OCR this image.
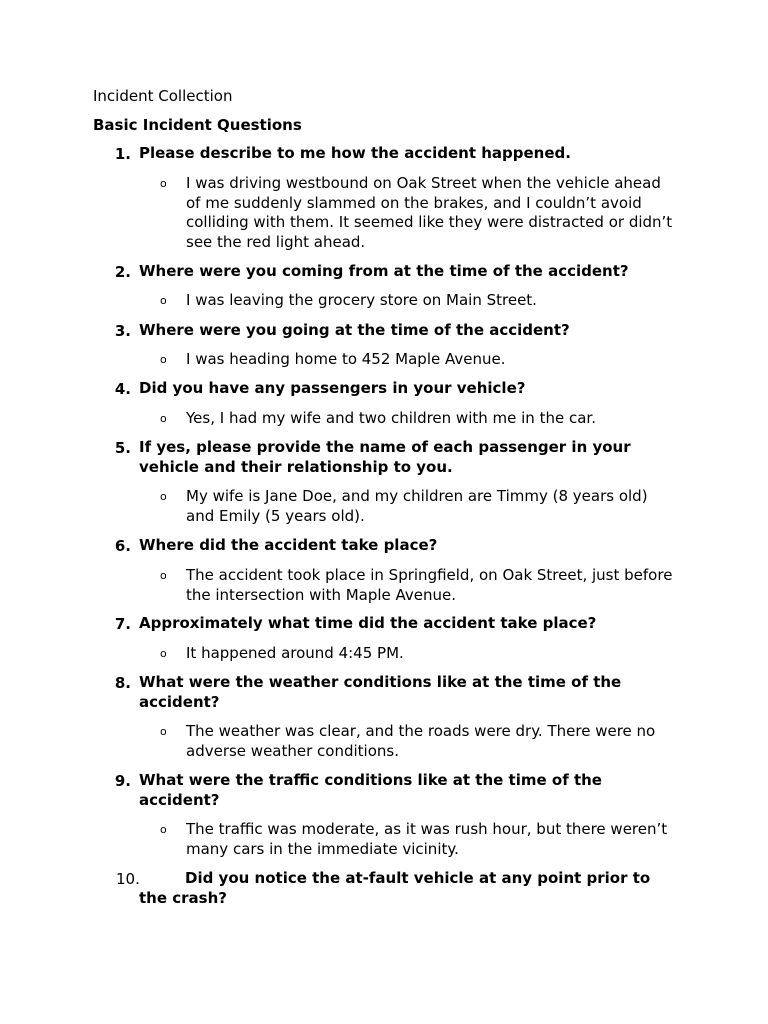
Incident Collection
Basic Incident Questions
1. Please describe to me how the accident happened.
o I was driving westbound on Oak Street when the vehicle ahead of me suddenly slammed on the brakes, and I couldn’t avoid colliding with them. It seemed like they were distracted or didn’t see the red light ahead.
2. Where were you coming from at the time of the accident?
o I was leaving the grocery store on Main Street.
3. Where were you going at the time of the accident?
o I was heading home to 452 Maple Avenue.
4. Did you have any passengers in your vehicle?
o Yes, I had my wife and two children with me in the car.
5. If yes, please provide the name of each passenger in your vehicle and their relationship to you.
o My wife is Jane Doe, and my children are Timmy (8 years old) and Emily (5 years old).
6. Where did the accident take place?
o The accident took place in Springfield, on Oak Street, just before the intersection with Maple Avenue.
7. Approximately what time did the accident take place?
o It happened around 4:45 PM.
8. What were the weather conditions like at the time of the accident?
o The weather was clear, and the roads were dry. There were no adverse weather conditions.
9. What were the traffic conditions like at the time of the accident?
o The traffic was moderate, as it was rush hour, but there weren’t many cars in the immediate vicinity.
10.	Did you notice the at-fault vehicle at any point prior to the crash?
